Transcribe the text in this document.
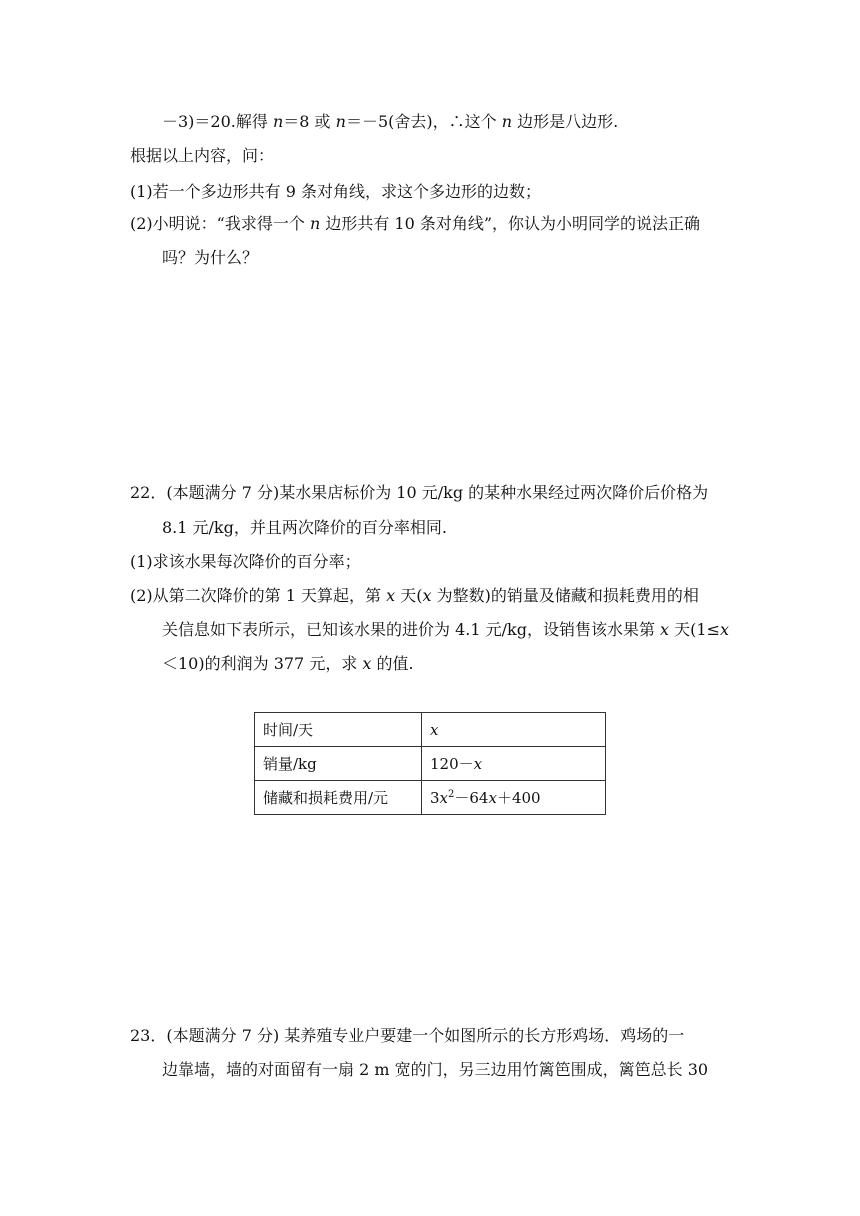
－3)＝20.解得 n＝8 或 n＝－5(舍去)，∴这个 n 边形是八边形.
根据以上内容，问：
(1)若一个多边形共有 9 条对角线，求这个多边形的边数；
(2)小明说：“我求得一个 n 边形共有 10 条对角线”，你认为小明同学的说法正确
吗？为什么？
22．(本题满分 7 分)某水果店标价为 10 元/kg 的某种水果经过两次降价后价格为
8.1 元/kg，并且两次降价的百分率相同.
(1)求该水果每次降价的百分率；
(2)从第二次降价的第 1 天算起，第 x 天(x 为整数)的销量及储藏和损耗费用的相
关信息如下表所示，已知该水果的进价为 4.1 元/kg，设销售该水果第 x 天(1≤x
＜10)的利润为 377 元，求 x 的值.
时间/天	x
销量/kg	120－x
储藏和损耗费用/元	$3x^2-64x+400$
23．(本题满分 7 分) 某养殖专业户要建一个如图所示的长方形鸡场．鸡场的一
边靠墙，墙的对面留有一扇 2 m 宽的门，另三边用竹篱笆围成，篱笆总长 30
